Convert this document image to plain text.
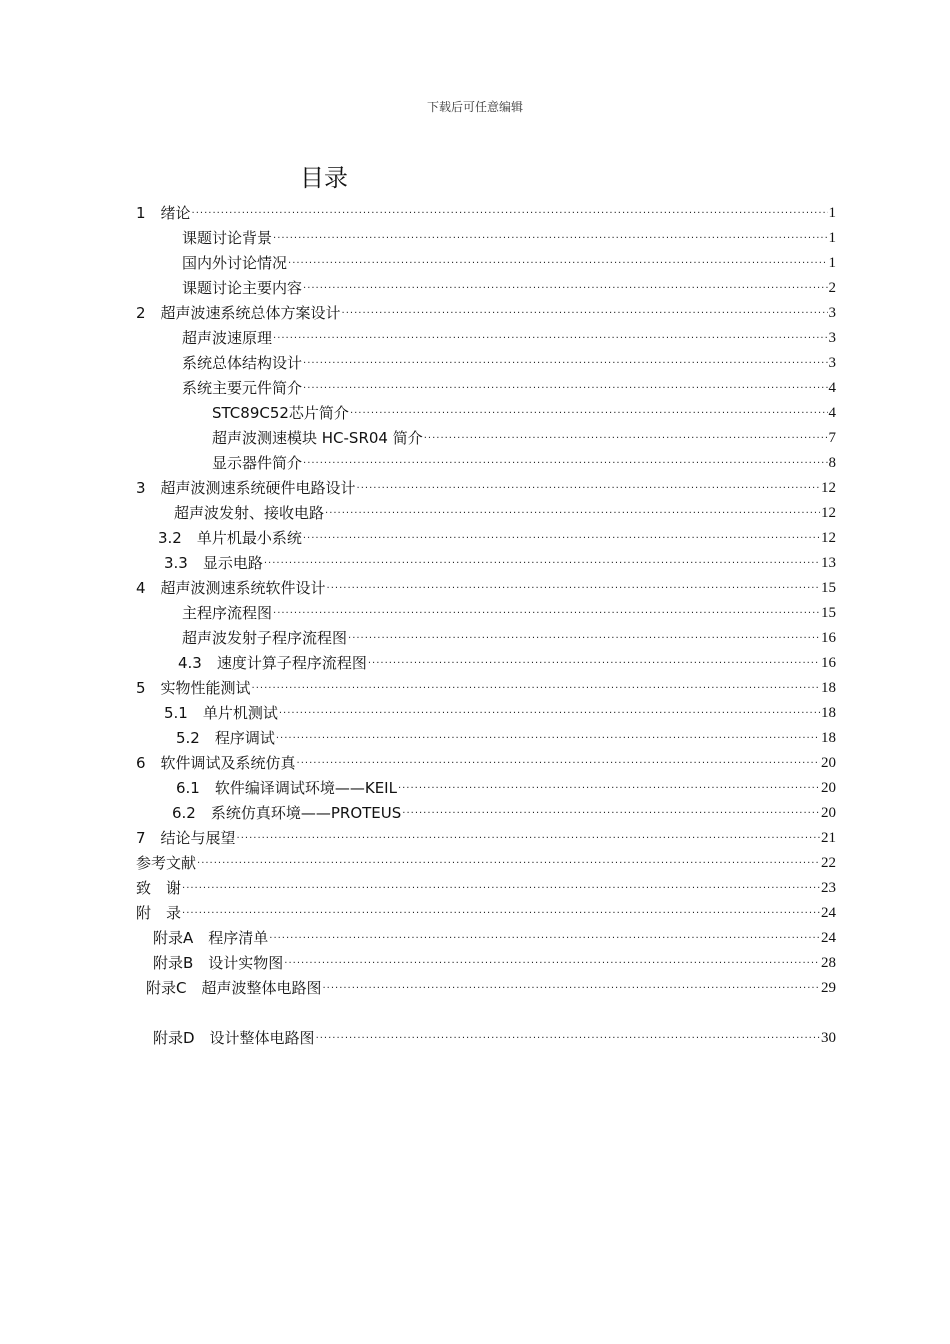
下载后可任意编辑
目录
1　绪论 ·····	1
课题讨论背景 ·····	1
国内外讨论情况 ·····	1
课题讨论主要内容 ·····	2
2　超声波速系统总体方案设计 ·····	3
超声波速原理 ·····	3
系统总体结构设计 ·····	3
系统主要元件简介 ·····	4
STC89C52芯片简介 ·····	4
超声波测速模块 HC-SR04 简介 ·····	7
显示器件简介 ·····	8
3　超声波测速系统硬件电路设计 ·····	12
超声波发射、接收电路 ·····	12
3.2　单片机最小系统 ·····	12
3.3　显示电路 ·····	13
4　超声波测速系统软件设计 ·····	15
主程序流程图 ·····	15
超声波发射子程序流程图 ·····	16
4.3　速度计算子程序流程图 ·····	16
5　实物性能测试 ·····	18
5.1　单片机测试 ·····	18
5.2　程序调试 ·····	18
6　软件调试及系统仿真 ·····	20
6.1　软件编译调试环境——KEIL ·····	20
6.2　系统仿真环境——PROTEUS ·····	20
7　结论与展望 ·····	21
参考文献 ·····	22
致　谢 ·····	23
附　录 ·····	24
附录A　程序清单 ·····	24
附录B　设计实物图 ·····	28
附录C　超声波整体电路图 ·····	29
附录D　设计整体电路图 ·····	30
